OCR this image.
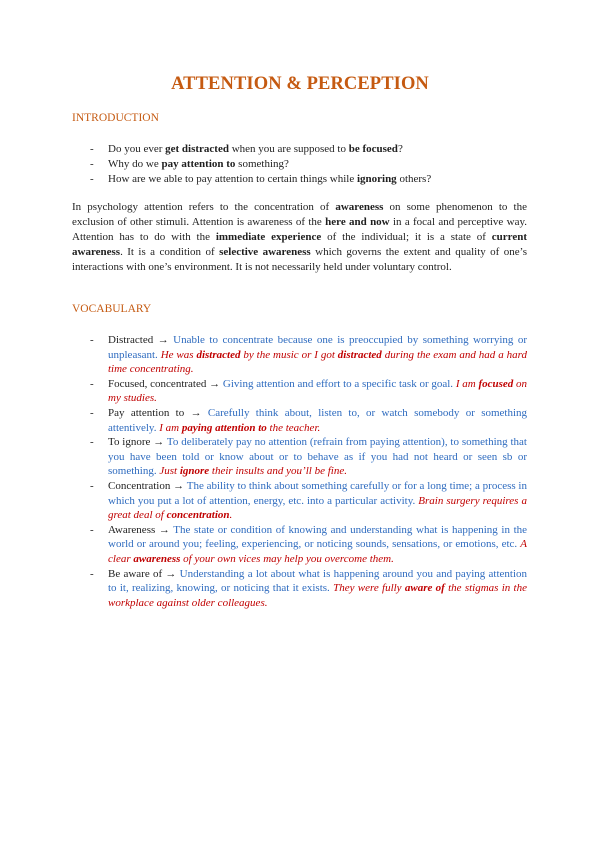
ATTENTION & PERCEPTION
INTRODUCTION
- Do you ever get distracted when you are supposed to be focused?
- Why do we pay attention to something?
- How are we able to pay attention to certain things while ignoring others?

In psychology attention refers to the concentration of awareness on some phenomenon to the exclusion of other stimuli. Attention is awareness of the here and now in a focal and perceptive way. Attention has to do with the immediate experience of the individual; it is a state of current awareness. It is a condition of selective awareness which governs the extent and quality of one’s interactions with one’s environment. It is not necessarily held under voluntary control.

VOCABULARY
- Distracted → Unable to concentrate because one is preoccupied by something worrying or unpleasant. He was distracted by the music or I got distracted during the exam and had a hard time concentrating.
- Focused, concentrated → Giving attention and effort to a specific task or goal. I am focused on my studies.
- Pay attention to → Carefully think about, listen to, or watch somebody or something attentively. I am paying attention to the teacher.
- To ignore → To deliberately pay no attention (refrain from paying attention), to something that you have been told or know about or to behave as if you had not heard or seen sb or something. Just ignore their insults and you’ll be fine.
- Concentration → The ability to think about something carefully or for a long time; a process in which you put a lot of attention, energy, etc. into a particular activity. Brain surgery requires a great deal of concentration.
- Awareness → The state or condition of knowing and understanding what is happening in the world or around you; feeling, experiencing, or noticing sounds, sensations, or emotions, etc. A clear awareness of your own vices may help you overcome them.
- Be aware of → Understanding a lot about what is happening around you and paying attention to it, realizing, knowing, or noticing that it exists. They were fully aware of the stigmas in the workplace against older colleagues.
